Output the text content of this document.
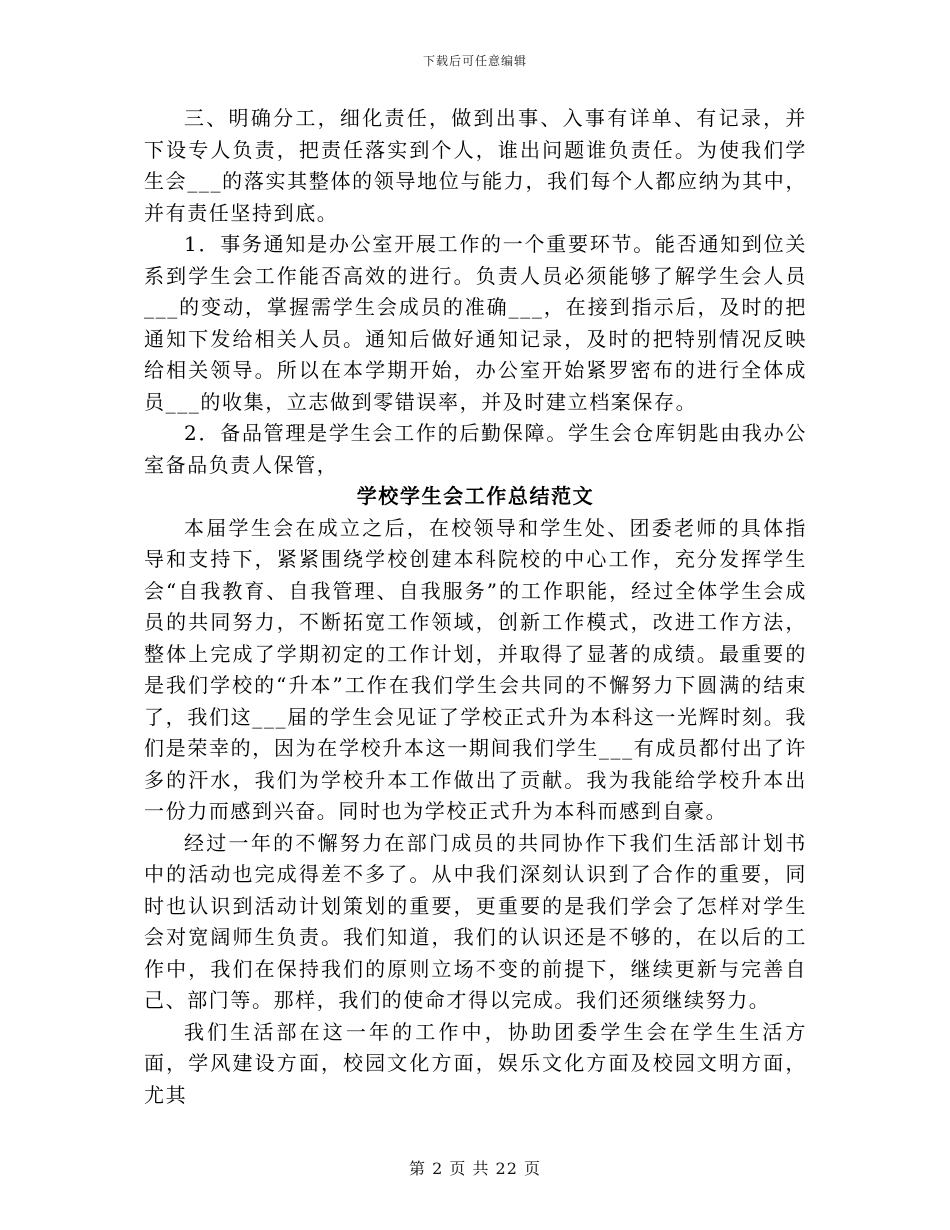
下载后可任意编辑

三、明确分工，细化责任，做到出事、入事有详单、有记录，并下设专人负责，把责任落实到个人，谁出问题谁负责任。为使我们学生会___的落实其整体的领导地位与能力，我们每个人都应纳为其中，并有责任坚持到底。

1．事务通知是办公室开展工作的一个重要环节。能否通知到位关系到学生会工作能否高效的进行。负责人员必须能够了解学生会人员___的变动，掌握需学生会成员的准确___，在接到指示后，及时的把通知下发给相关人员。通知后做好通知记录，及时的把特别情况反映给相关领导。所以在本学期开始，办公室开始紧罗密布的进行全体成员___的收集，立志做到零错误率，并及时建立档案保存。

2．备品管理是学生会工作的后勤保障。学生会仓库钥匙由我办公室备品负责人保管，

学校学生会工作总结范文

本届学生会在成立之后，在校领导和学生处、团委老师的具体指导和支持下，紧紧围绕学校创建本科院校的中心工作，充分发挥学生会“自我教育、自我管理、自我服务”的工作职能，经过全体学生会成员的共同努力，不断拓宽工作领域，创新工作模式，改进工作方法，整体上完成了学期初定的工作计划，并取得了显著的成绩。最重要的是我们学校的“升本”工作在我们学生会共同的不懈努力下圆满的结束了，我们这___届的学生会见证了学校正式升为本科这一光辉时刻。我们是荣幸的，因为在学校升本这一期间我们学生___有成员都付出了许多的汗水，我们为学校升本工作做出了贡献。我为我能给学校升本出一份力而感到兴奋。同时也为学校正式升为本科而感到自豪。

经过一年的不懈努力在部门成员的共同协作下我们生活部计划书中的活动也完成得差不多了。从中我们深刻认识到了合作的重要，同时也认识到活动计划策划的重要，更重要的是我们学会了怎样对学生会对宽阔师生负责。我们知道，我们的认识还是不够的，在以后的工作中，我们在保持我们的原则立场不变的前提下，继续更新与完善自己、部门等。那样，我们的使命才得以完成。我们还须继续努力。

我们生活部在这一年的工作中，协助团委学生会在学生生活方面，学风建设方面，校园文化方面，娱乐文化方面及校园文明方面，尤其

第 2 页 共 22 页
